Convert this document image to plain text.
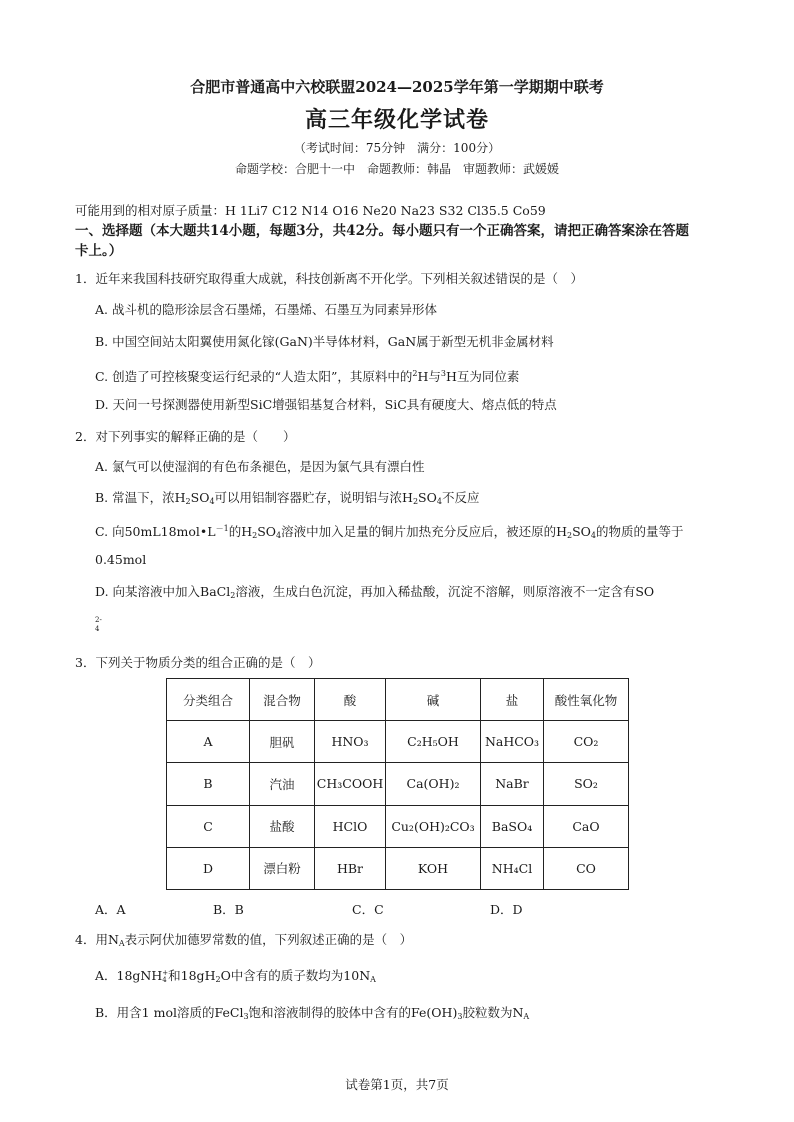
合肥市普通高中六校联盟2024—2025学年第一学期期中联考
高三年级化学试卷
（考试时间：75分钟　满分：100分）
命题学校：合肥十一中　命题教师：韩晶　审题教师：武媛媛
可能用到的相对原子质量：H 1Li7 C12 N14 O16 Ne20 Na23 S32 Cl35.5 Co59
一、选择题（本大题共14小题，每题3分，共42分。每小题只有一个正确答案，请把正确答案涂在答题
卡上。）
1．近年来我国科技研究取得重大成就，科技创新离不开化学。下列相关叙述错误的是（　）
A. 战斗机的隐形涂层含石墨烯，石墨烯、石墨互为同素异形体
B. 中国空间站太阳翼使用氮化镓(GaN)半导体材料，GaN属于新型无机非金属材料
C. 创造了可控核聚变运行纪录的“人造太阳”，其原料中的$^2$H与$^3$H互为同位素
D. 天问一号探测器使用新型SiC增强铝基复合材料，SiC具有硬度大、熔点低的特点
2．对下列事实的解释正确的是（　　）
A. 氯气可以使湿润的有色布条褪色，是因为氯气具有漂白性
B. 常温下，浓$H_2SO_4$可以用铝制容器贮存，说明铝与浓$H_2SO_4$不反应
C. 向$50mL18mol•L^{-1}$的$H_2SO_4$溶液中加入足量的铜片加热充分反应后，被还原的$H_2SO_4$的物质的量等于
0.45mol
D. 向某溶液中加入BaCl$_2$溶液，生成白色沉淀，再加入稀盐酸，沉淀不溶解，则原溶液不一定含有SO
2-
4
3．下列关于物质分类的组合正确的是（　）
分类组合	混合物	酸	碱	盐	酸性氧化物
A	胆矾	HNO₃	C₂H₅OH	NaHCO₃	CO₂
B	汽油	CH₃COOH	Ca(OH)₂	NaBr	SO₂
C	盐酸	HClO	Cu₂(OH)₂CO₃	BaSO₄	CaO
D	漂白粉	HBr	KOH	NH₄Cl	CO
A．A	B．B	C．C	D．D
4．用$N_A$表示阿伏加德罗常数的值，下列叙述正确的是（　）
A．18gNH +
4 和$18gH_2O$中含有的质子数均为$10N_A$
B．用含1 mol溶质的FeCl$_3$饱和溶液制得的胶体中含有的$Fe(OH)_3$胶粒数为$N_A$
试卷第1页，共7页
